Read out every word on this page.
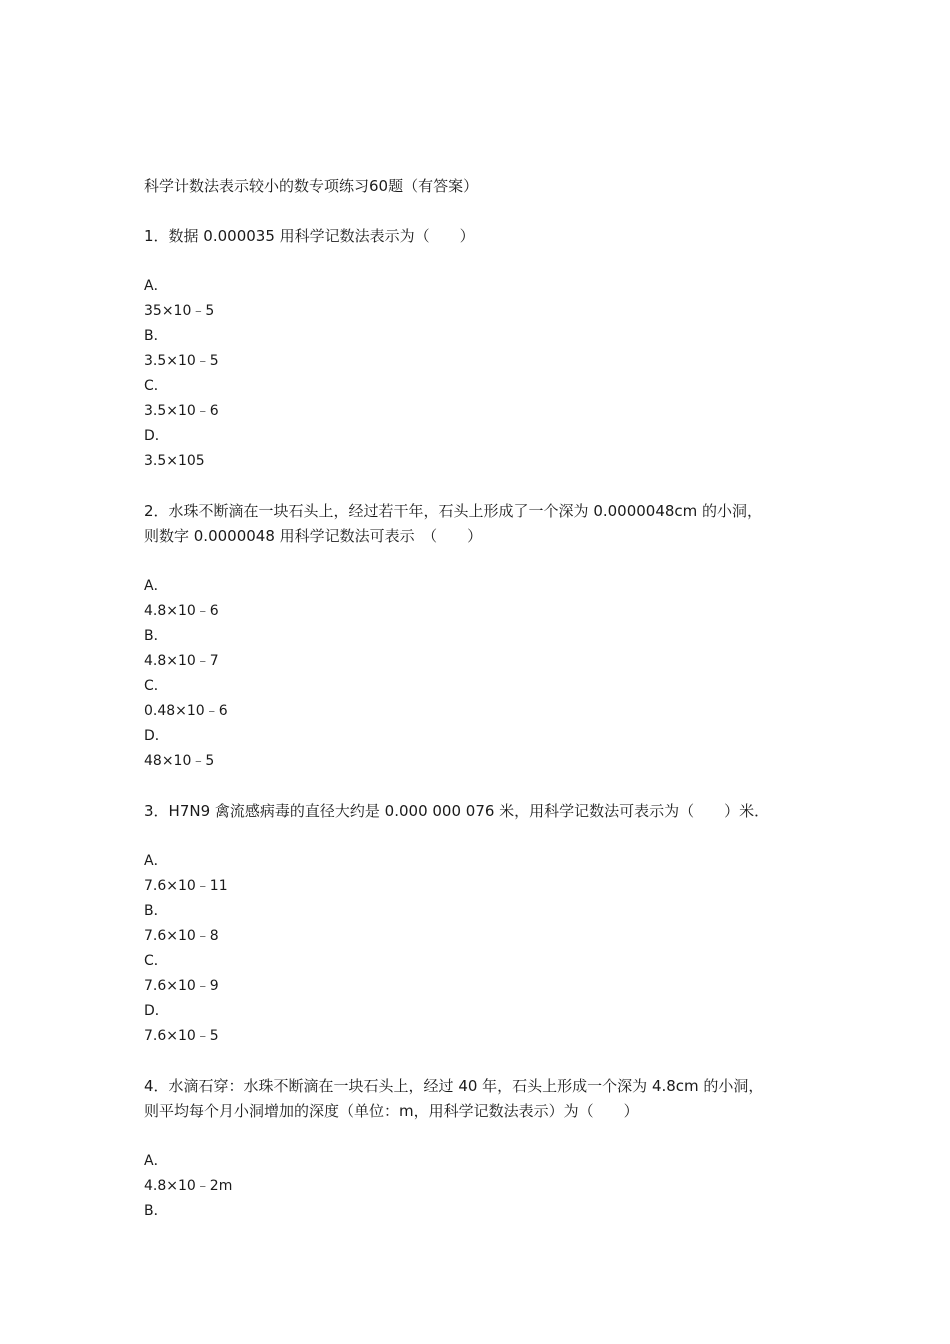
科学计数法表示较小的数专项练习60题（有答案）
1．数据 0.000035 用科学记数法表示为（　　）
A．
35×10﹣5
B．
3.5×10﹣5
C．
3.5×10﹣6
D．
3.5×105
2．水珠不断滴在一块石头上，经过若干年，石头上形成了一个深为 0.0000048cm 的小洞，
则数字 0.0000048 用科学记数法可表示　（　　）
A．
4.8×10﹣6
B．
4.8×10﹣7
C．
0.48×10﹣6
D．
48×10﹣5
3．H7N9 禽流感病毒的直径大约是 0.000 000 076 米，用科学记数法可表示为（　　）米．
A．
7.6×10﹣11
B．
7.6×10﹣8
C．
7.6×10﹣9
D．
7.6×10﹣5
4．水滴石穿：水珠不断滴在一块石头上，经过 40 年，石头上形成一个深为 4.8cm 的小洞，
则平均每个月小洞增加的深度（单位：m，用科学记数法表示）为（　　）
A．
4.8×10﹣2m
B．
